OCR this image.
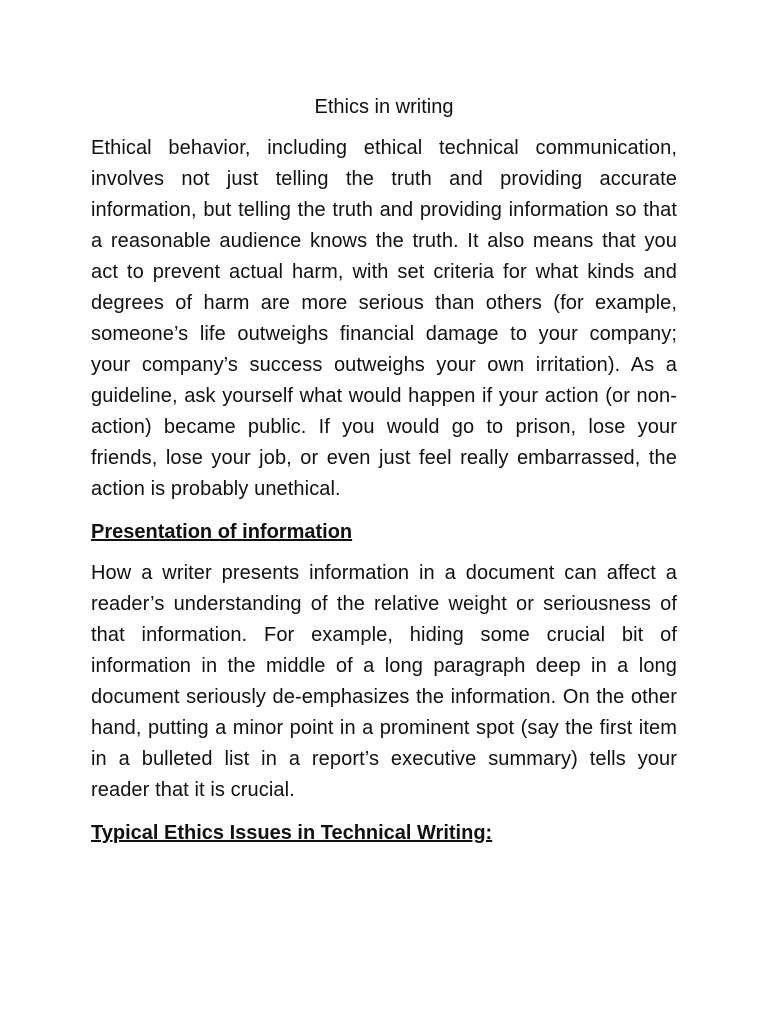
Ethics in writing

Ethical behavior, including ethical technical communication, involves not just telling the truth and providing accurate information, but telling the truth and providing information so that a reasonable audience knows the truth. It also means that you act to prevent actual harm, with set criteria for what kinds and degrees of harm are more serious than others (for example, someone’s life outweighs financial damage to your company; your company’s success outweighs your own irritation). As a guideline, ask yourself what would happen if your action (or non-action) became public. If you would go to prison, lose your friends, lose your job, or even just feel really embarrassed, the action is probably unethical.

Presentation of information

How a writer presents information in a document can affect a reader’s understanding of the relative weight or seriousness of that information. For example, hiding some crucial bit of information in the middle of a long paragraph deep in a long document seriously de-emphasizes the information. On the other hand, putting a minor point in a prominent spot (say the first item in a bulleted list in a report’s executive summary) tells your reader that it is crucial.

Typical Ethics Issues in Technical Writing:
